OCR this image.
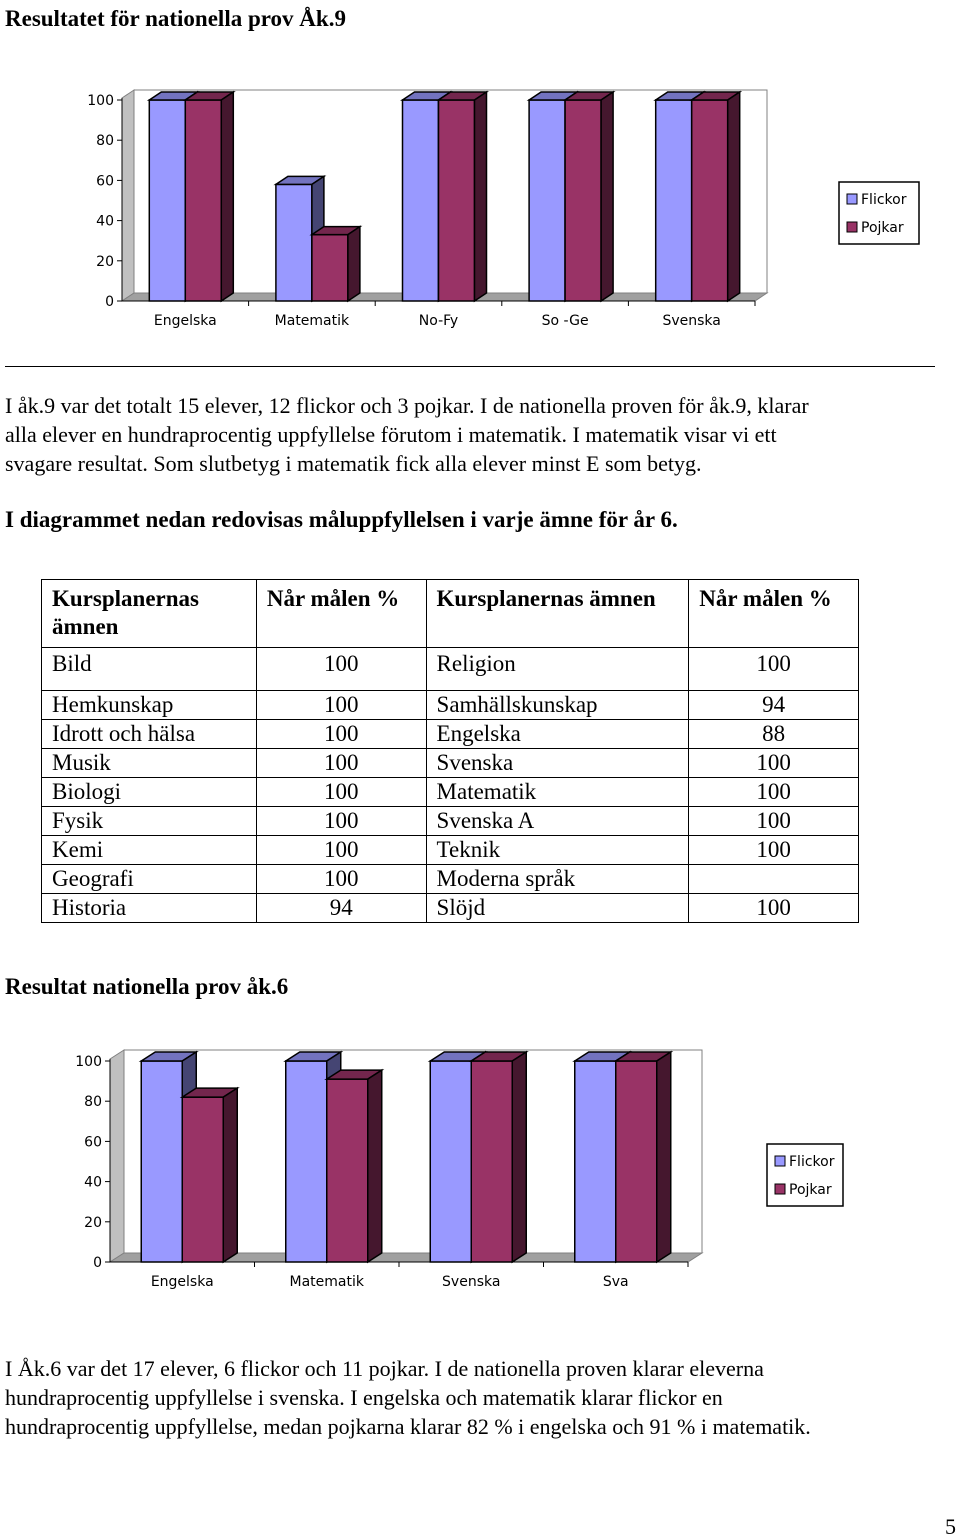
Resultatet för nationella prov Åk.9
0
20
40
60
80
100
Engelska	Matematik	No-Fy	So -Ge	Svenska
Flickor
Pojkar
I åk.9 var det totalt 15 elever, 12 flickor och 3 pojkar. I de nationella proven för åk.9, klarar
alla elever en hundraprocentig uppfyllelse förutom i matematik. I matematik visar vi ett
svagare resultat. Som slutbetyg i matematik fick alla elever minst E som betyg.
I diagrammet nedan redovisas måluppfyllelsen i varje ämne för år 6.
Kursplanernas ämnen	Når målen %	Kursplanernas ämnen	Når målen %
Bild	100	Religion	100
Hemkunskap	100	Samhällskunskap	94
Idrott och hälsa	100	Engelska	88
Musik	100	Svenska	100
Biologi	100	Matematik	100
Fysik	100	Svenska A	100
Kemi	100	Teknik	100
Geografi	100	Moderna språk	
Historia	94	Slöjd	100
Resultat nationella prov åk.6
0
20
40
60
80
100
Engelska	Matematik	Svenska	Sva
Flickor
Pojkar
I Åk.6 var det 17 elever, 6 flickor och 11 pojkar. I de nationella proven klarar eleverna
hundraprocentig uppfyllelse i svenska. I engelska och matematik klarar flickor en
hundraprocentig uppfyllelse, medan pojkarna klarar 82 % i engelska och 91 % i matematik.
5
